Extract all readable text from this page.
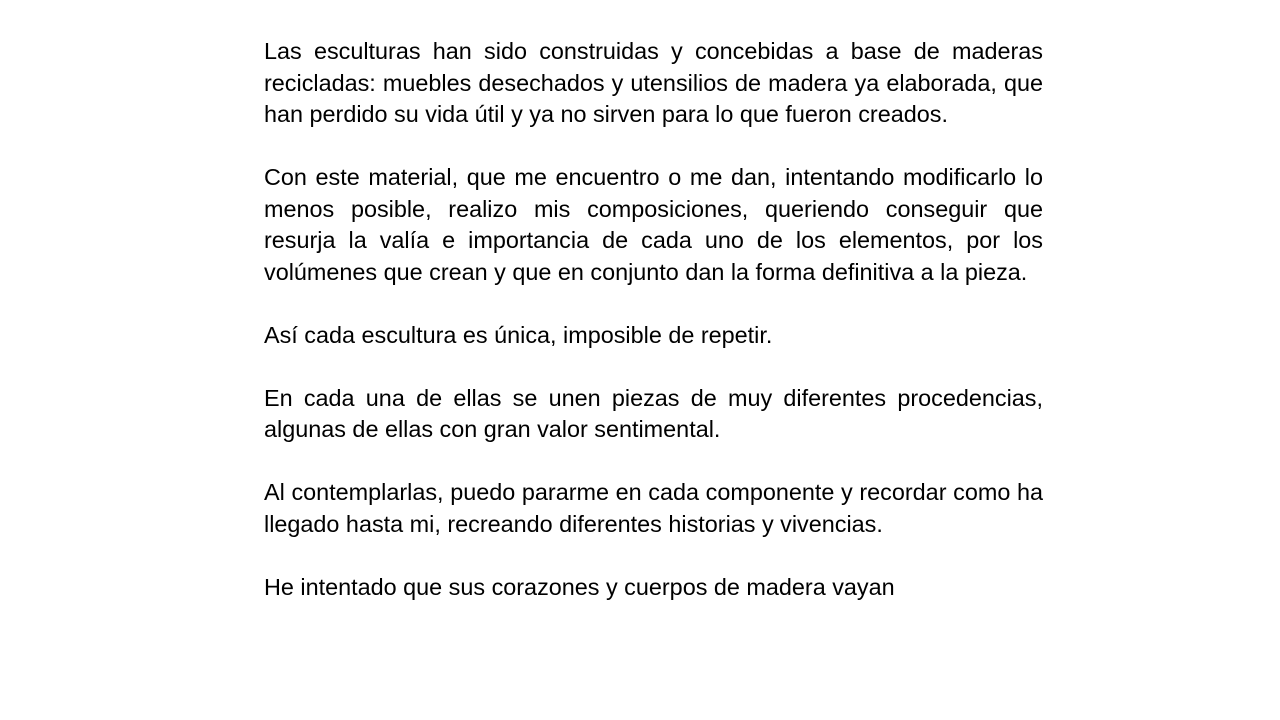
Las esculturas han sido construidas y concebidas a base de maderas recicladas: muebles desechados y utensilios de madera ya elaborada, que han perdido su vida útil y ya no sirven para lo que fueron creados.

Con este material, que me encuentro o me dan, intentando modificarlo lo menos posible, realizo mis composiciones, queriendo conseguir que resurja la valía e importancia de cada uno de los elementos, por los volúmenes que crean y que en conjunto dan la forma definitiva a la pieza.

Así cada escultura es única, imposible de repetir.

En cada una de ellas se unen piezas de muy diferentes procedencias, algunas de ellas con gran valor sentimental.

Al contemplarlas, puedo pararme en cada componente y recordar como ha llegado hasta mi, recreando diferentes historias y vivencias.

He intentado que sus corazones y cuerpos de madera vayan
